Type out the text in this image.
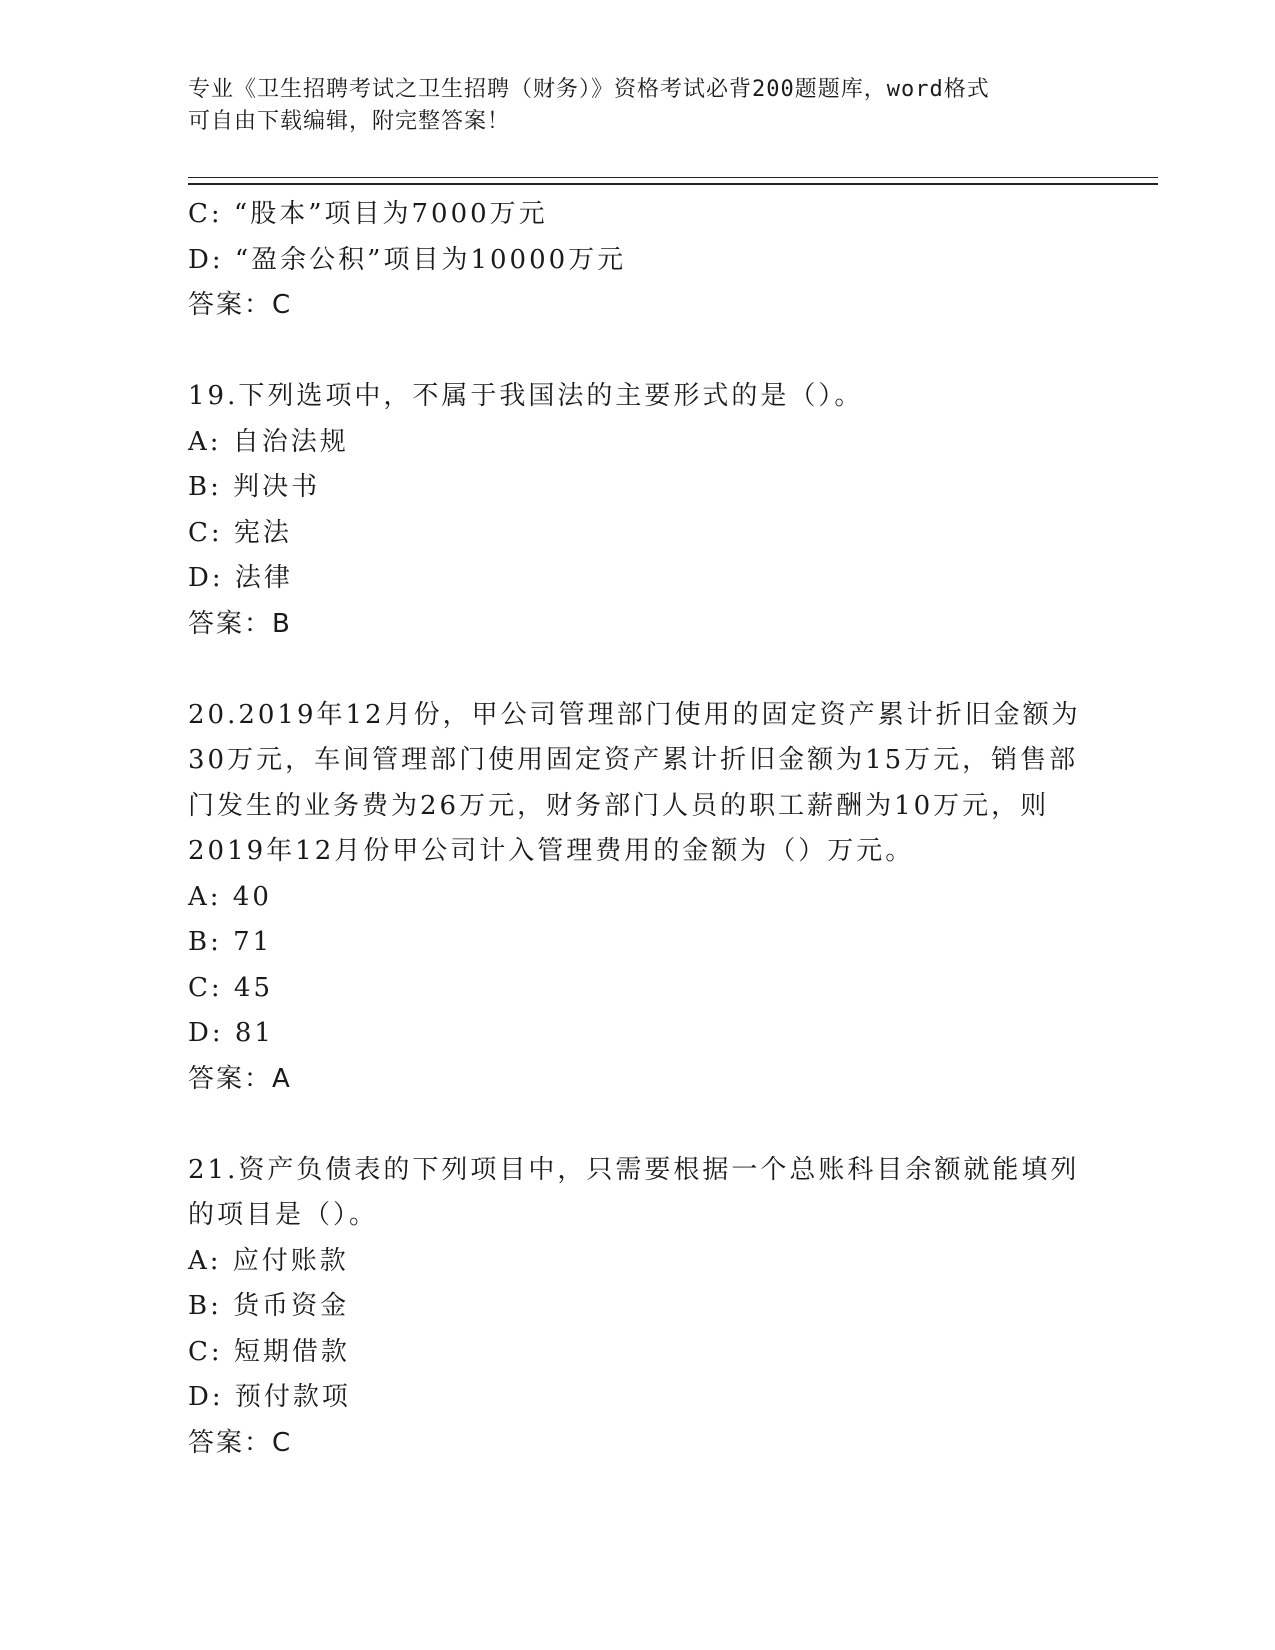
专业《卫生招聘考试之卫生招聘（财务）》资格考试必背200题题库，word格式
可自由下载编辑，附完整答案！
C: “股本”项目为7000万元
D: “盈余公积”项目为10000万元
答案：C
19.下列选项中，不属于我国法的主要形式的是（）。
A: 自治法规
B: 判决书
C: 宪法
D: 法律
答案：B
20.2019年12月份，甲公司管理部门使用的固定资产累计折旧金额为
30万元，车间管理部门使用固定资产累计折旧金额为15万元，销售部
门发生的业务费为26万元，财务部门人员的职工薪酬为10万元，则
2019年12月份甲公司计入管理费用的金额为（）万元。
A: 40
B: 71
C: 45
D: 81
答案：A
21.资产负债表的下列项目中，只需要根据一个总账科目余额就能填列
的项目是（）。
A: 应付账款
B: 货币资金
C: 短期借款
D: 预付款项
答案：C
